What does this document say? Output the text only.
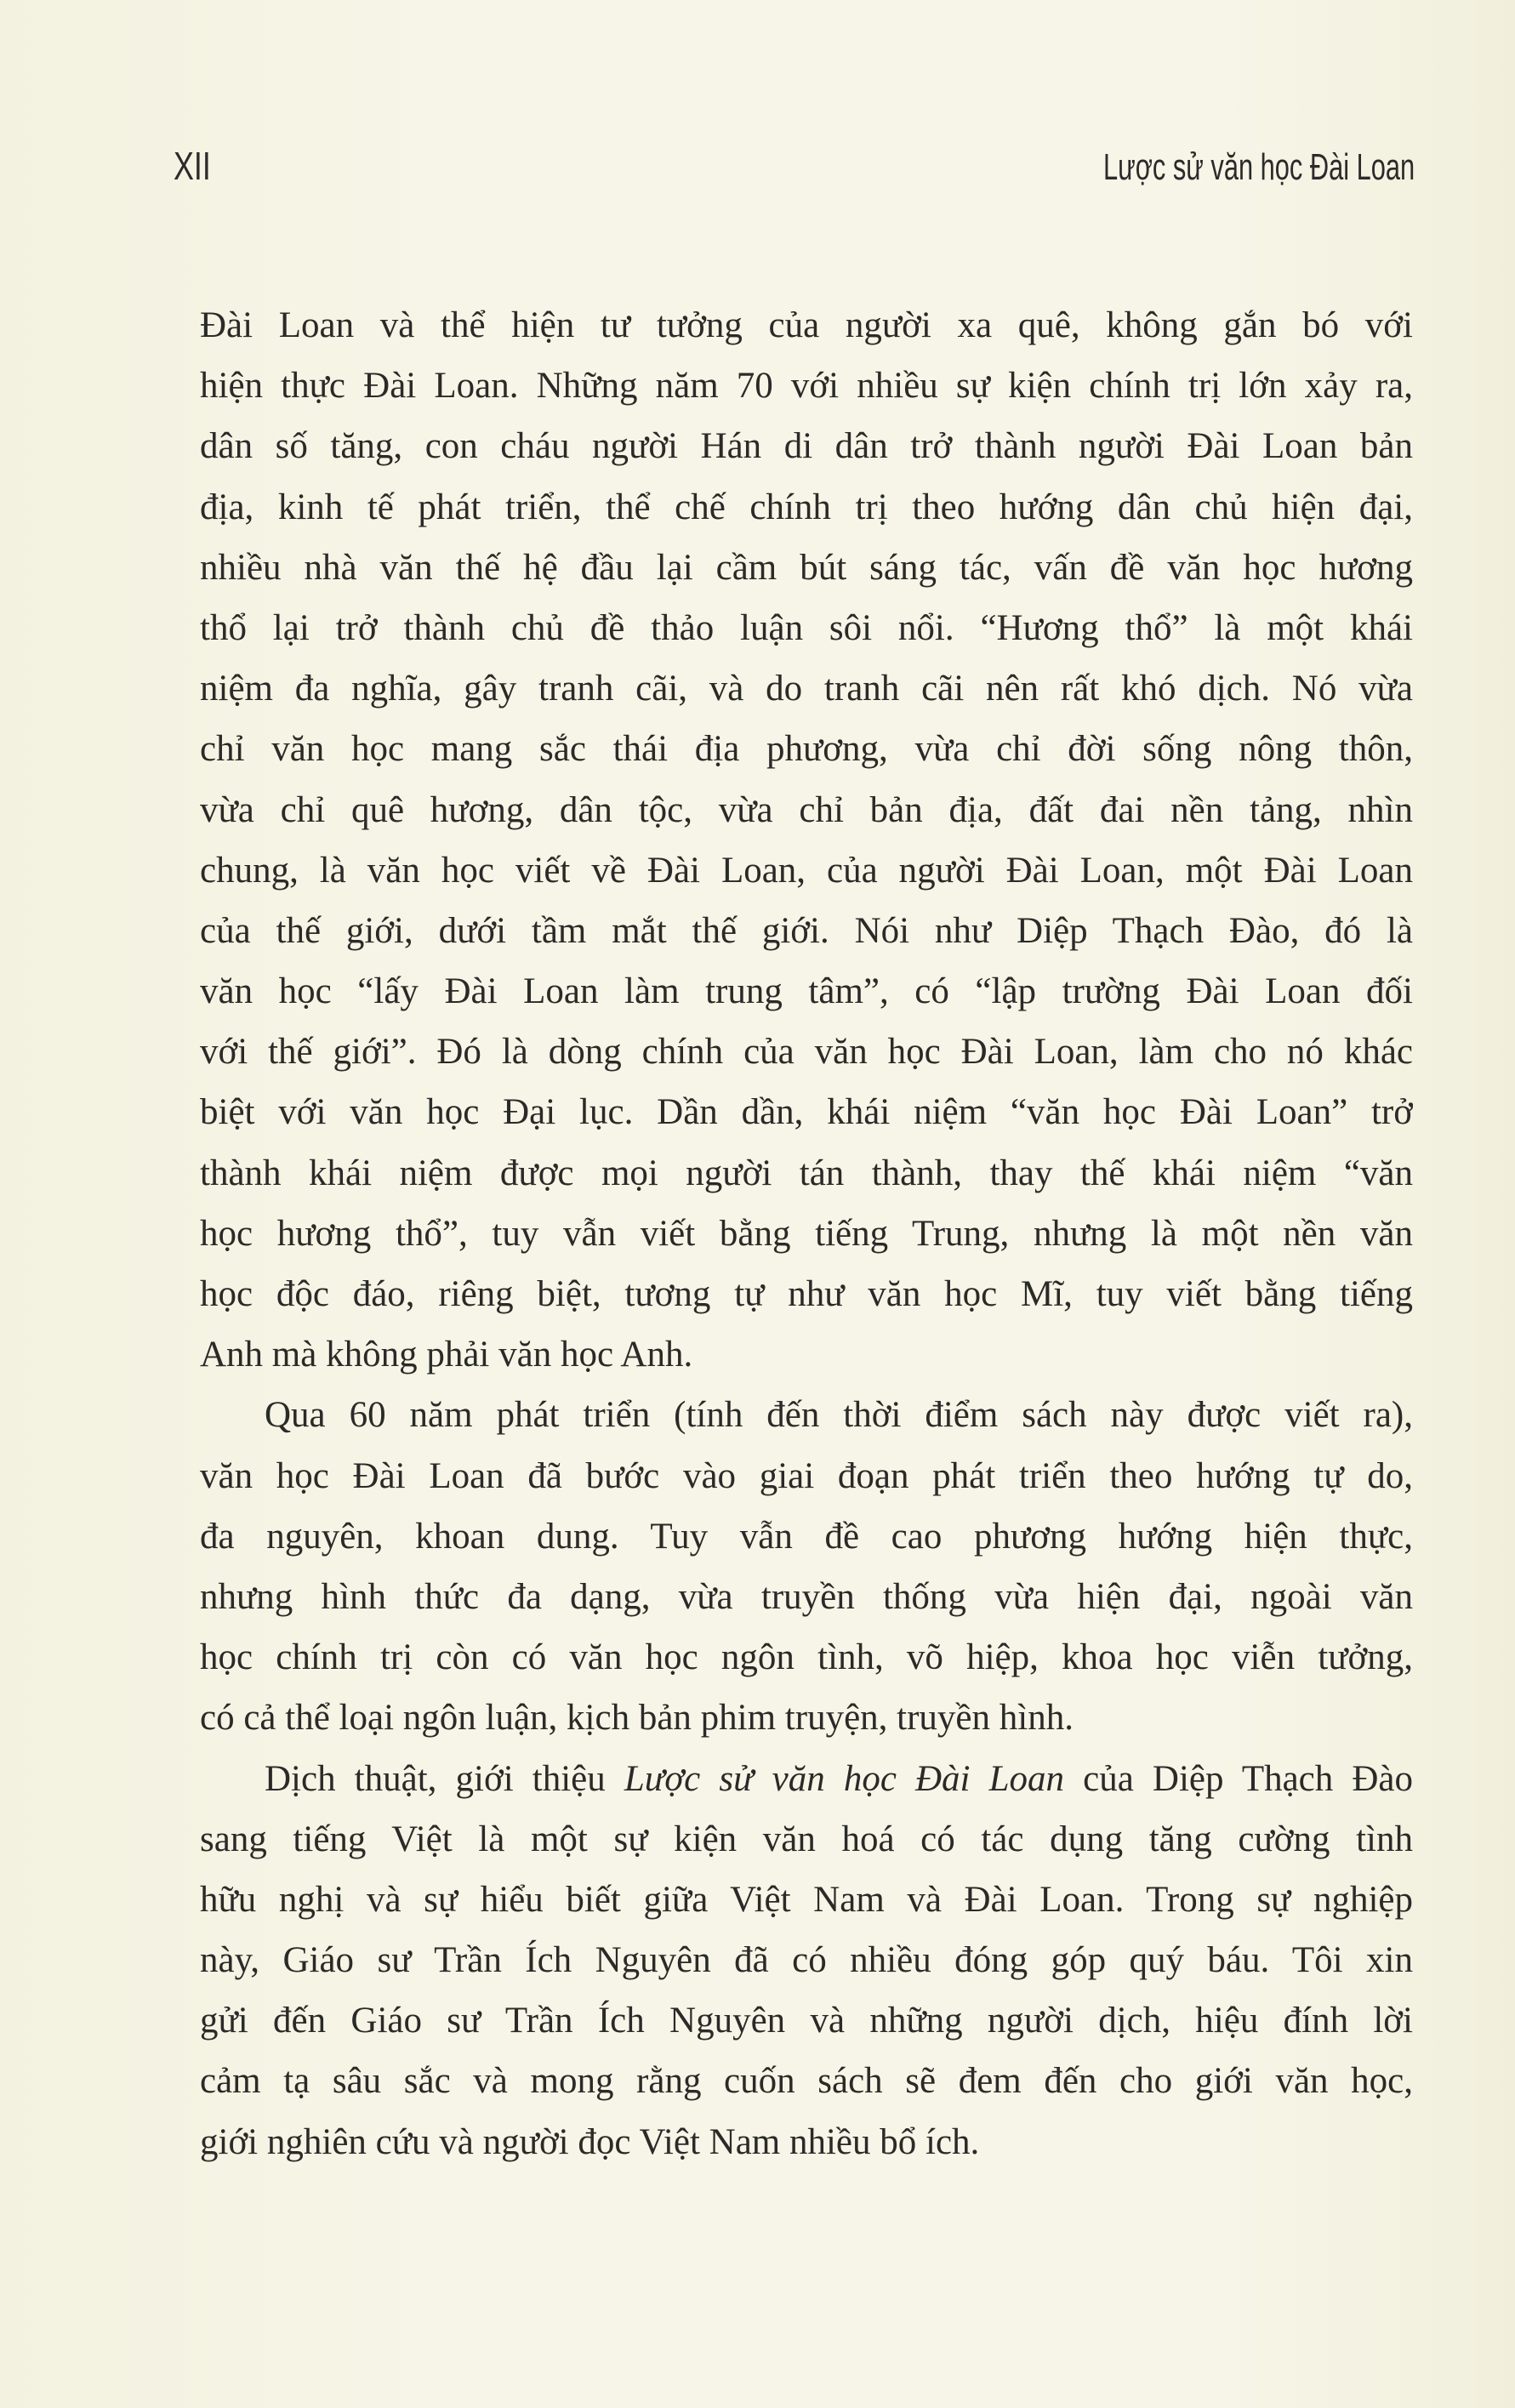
XII	Lược sử văn học Đài Loan
Đài Loan và thể hiện tư tưởng của người xa quê, không gắn bó với
hiện thực Đài Loan. Những năm 70 với nhiều sự kiện chính trị lớn xảy ra,
dân số tăng, con cháu người Hán di dân trở thành người Đài Loan bản
địa, kinh tế phát triển, thể chế chính trị theo hướng dân chủ hiện đại,
nhiều nhà văn thế hệ đầu lại cầm bút sáng tác, vấn đề văn học hương
thổ lại trở thành chủ đề thảo luận sôi nổi. “Hương thổ” là một khái
niệm đa nghĩa, gây tranh cãi, và do tranh cãi nên rất khó dịch. Nó vừa
chỉ văn học mang sắc thái địa phương, vừa chỉ đời sống nông thôn,
vừa chỉ quê hương, dân tộc, vừa chỉ bản địa, đất đai nền tảng, nhìn
chung, là văn học viết về Đài Loan, của người Đài Loan, một Đài Loan
của thế giới, dưới tầm mắt thế giới. Nói như Diệp Thạch Đào, đó là
văn học “lấy Đài Loan làm trung tâm”, có “lập trường Đài Loan đối
với thế giới”. Đó là dòng chính của văn học Đài Loan, làm cho nó khác
biệt với văn học Đại lục. Dần dần, khái niệm “văn học Đài Loan” trở
thành khái niệm được mọi người tán thành, thay thế khái niệm “văn
học hương thổ”, tuy vẫn viết bằng tiếng Trung, nhưng là một nền văn
học độc đáo, riêng biệt, tương tự như văn học Mĩ, tuy viết bằng tiếng
Anh mà không phải văn học Anh.
Qua 60 năm phát triển (tính đến thời điểm sách này được viết ra),
văn học Đài Loan đã bước vào giai đoạn phát triển theo hướng tự do,
đa nguyên, khoan dung. Tuy vẫn đề cao phương hướng hiện thực,
nhưng hình thức đa dạng, vừa truyền thống vừa hiện đại, ngoài văn
học chính trị còn có văn học ngôn tình, võ hiệp, khoa học viễn tưởng,
có cả thể loại ngôn luận, kịch bản phim truyện, truyền hình.
Dịch thuật, giới thiệu Lược sử văn học Đài Loan của Diệp Thạch Đào
sang tiếng Việt là một sự kiện văn hoá có tác dụng tăng cường tình
hữu nghị và sự hiểu biết giữa Việt Nam và Đài Loan. Trong sự nghiệp
này, Giáo sư Trần Ích Nguyên đã có nhiều đóng góp quý báu. Tôi xin
gửi đến Giáo sư Trần Ích Nguyên và những người dịch, hiệu đính lời
cảm tạ sâu sắc và mong rằng cuốn sách sẽ đem đến cho giới văn học,
giới nghiên cứu và người đọc Việt Nam nhiều bổ ích.
